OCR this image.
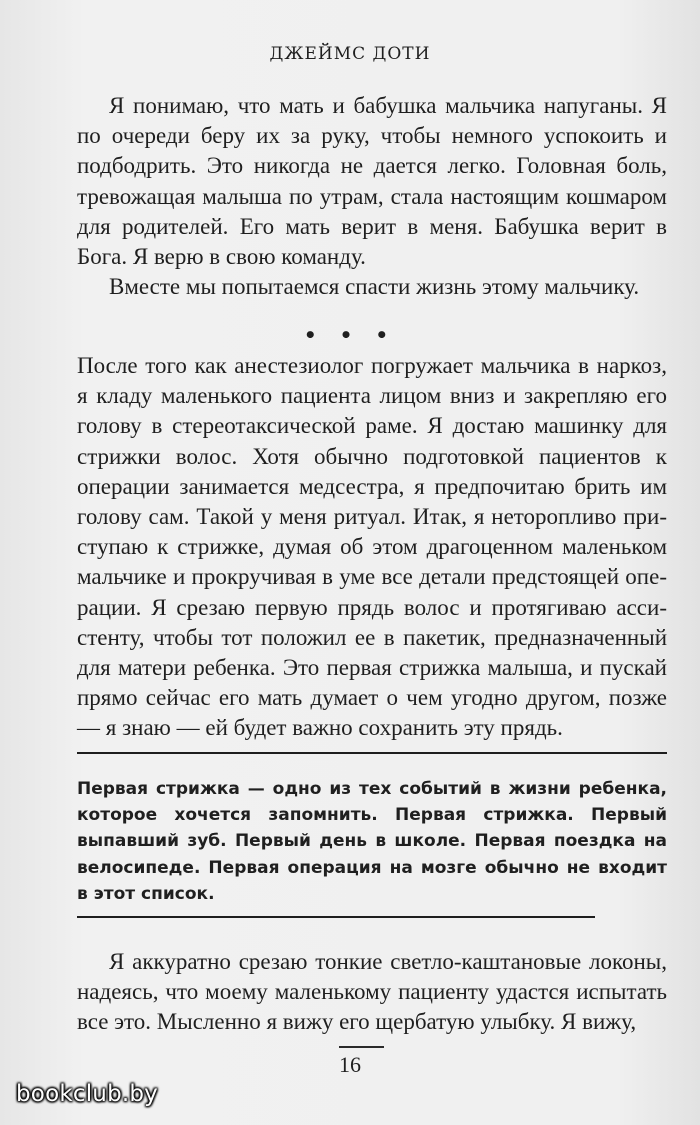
ДЖЕЙМС ДОТИ

Я понимаю, что мать и бабушка мальчика напуганы. Я по очереди беру их за руку, чтобы немного успокоить и подбодрить. Это никогда не дается легко. Головная боль, тревожащая малыша по утрам, стала настоящим кошмаром для родителей. Его мать верит в меня. Бабушка верит в Бога. Я верю в свою команду.

Вместе мы попытаемся спасти жизнь этому мальчику.

• • •

После того как анестезиолог погружает мальчика в наркоз, я кладу маленького пациента лицом вниз и закрепляю его голову в стереотаксической раме. Я достаю машинку для стрижки волос. Хотя обычно подготовкой пациентов к операции занимается медсестра, я предпочитаю брить им голову сам. Такой у меня ритуал. Итак, я неторопливо приступаю к стрижке, думая об этом драгоценном маленьком мальчике и прокручивая в уме все детали предстоящей операции. Я срезаю первую прядь волос и протягиваю ассистенту, чтобы тот положил ее в пакетик, предназначенный для матери ребенка. Это первая стрижка малыша, и пускай прямо сейчас его мать думает о чем угодно другом, позже — я знаю — ей будет важно сохранить эту прядь.

Первая стрижка — одно из тех событий в жизни ребенка, которое хочется запомнить. Первая стрижка. Первый выпавший зуб. Первый день в школе. Первая поездка на велосипеде. Первая операция на мозге обычно не входит в этот список.

Я аккуратно срезаю тонкие светло-каштановые локоны, надеясь, что моему маленькому пациенту удастся испытать все это. Мысленно я вижу его щербатую улыбку. Я вижу,

16
bookclub.by
